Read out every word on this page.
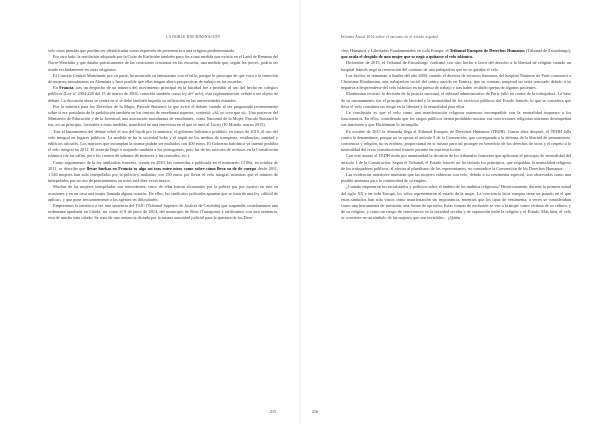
LA DOBLE DISCRIMINACIÓN

velo otras prendas que puedan ser identificadas como expresión de pertenencia a una religión predeterminada.

Por otro lado, la resolución adoptada por la Corte de Karlsruhe también puso fin a una medida que existía en el Land de Renania del Norte-Westfalia y que databa prácticamente de las creaciones cristianas en las escuelas, una medida que, según los jueces, podría ser usada excluidamente en otras religiones.

El Consejo Central Musulmán, por su parte, ha mostrado su entusiasmo con el fallo, porque le preocupa de que vaya a la inserción de mujeres musulmanas en Alemania y hace posible que ellas tengan ahora perspectivas de trabajo en las escuelas.

En Francia, tras un despacho de un número del movimiento principal en la laicidad fue a prohibir el uso del hecho en colegios públicos (Ley nº 2004-228 del 15 de marzo de 2004, conocida también como ley del velo), esta reglamentación velada a ser objeto de debate. La discusión ahora se centra en si se debe también impedir su utilización en las universidades estatales.

Fue la ministra para los Derechos de la Mujer, Pascale Boistard, la que avivó el debate cuando al ser preguntada recientemente sobre si era partidaria de la prohibición también en los centros de enseñanza superior, contestó: «Sí, yo creo que sí». Una portavoz del Ministerio de Educación y de la Juventud, una asociación musulmana de estudiantes, como Nacional de la Mujer, Pascale Boistard le fue, en un principio, favorable a estas medidas, manifestó en una entrevista en el que se unió al Lacity (El Mundo, marzo 2015).

Tras el lanzamiento del debate sobre el uso del hiyab por la ministra, el gobierno balcánico prohibió, en mayo de 2015, el uso del velo integral en lugares públicos. La medida se ha la sociedad boka y el niqab no los medios de transporte, residencias, sanidad y edificios oficiales. Los mayores que incumplan la norma podrán ser multados con 400 euros. El Gobierno balcánico ya intentó prohibir el velo integral en 2012. El acuerdo llegó a aceptarlo también a los portugueses, pero las de los sectores de reclusos en la Constitución islámica (de las calles, pero los centros de urbanos de menores y las centrales, etc.).

Como seguimiento de la ley antiburkas francesa, creada en 2010, las cometidas a publicada en el ministerio Cl 08a, en octubre de 2011, se describe que llevar burkas en Francia es algo así tras entre otros como sobre cómo lleva su de de cuerpo desde 2011, 1.546 mujeres han sido interpeladas por la policía y multadas con 150 euros por llevar el velo integral, mientras que el número de interpelados por no uso de pensamientos en estos está diez veces mayor.

Muchas de las mujeres interpeladas son reincidentes, cinco de ellas fueron alcanzadas por la policía por por motivo en este en ocasiones y en un caso una mujer llamada alguna ocasión. De ellos, los sindicatos policiales apuntan que se trata de una ley «difícil de aplicar» y que pone frecuentemente a los agentes en dificultades.

Empezamos la temática a ver una sentencia del TSJC (Tribunal Superior de Justicia de Cataluña) que suspendía cautelarmente una ordenanza aprobada en Lleida, así como el 8 de junio de 2014, del municipio de Reus (Tarragona) y ratificamos con otra sentencia, esta de mucho más calado. Se trata de una sentencia dictada por la misma autoridad judicial para la apertura de los Dere-

215
Informe Anual 2016 sobre el racismo en el estado español

chos Humanos y Libertades Fundamentales en toda Europa, el Tribunal Europeo de Derechos Humanos (Tribunal de Estrasburgo), que avala el despido de una mujer que se negó a quitarse el velo islámico.

Diciembre de 2015, el Tribunal de Estrasburgo confirmó con otro hecho a favor del derecho a la libertad de religión cuando un hospital francés negó la renovación del contrato de una trabajadora que no se quitaba el velo.

Los hechos se remontan a finales del año 2000, cuando el director de recursos humanos del hospital Nanterre de París comunicó a Christiane Ebrahimian, una trabajadora social del centro nacido en Francia, que su contrato temporal no sería renovado debido a su negativa a desprenderse del velo islámico en su puesto de trabajo y tras haber recibido quejas de algunos pacientes.

Ebrahimian recurrió la decisión de la justicia nacional, el tribunal administrativo de París falló en contra de la trabajadora. La base de su razonamiento fue el principio de laicidad y la neutralidad de los servicios públicos del Estado francés, lo que se considera que lleva el velo constituía un riesgo en la libertad y la neutralidad para ellos.

La conclusión es que el velo como una manifestación religiosa ostentosa incompatible con la neutralidad impuesta a los funcionarios. En ellos, considerado que los cargos públicos tienen prohibido mostrar sus convicciones religiosas mientras desempeñan sus funciones y que Ebrahimian lo incumplía.

En octubre de 2015 la demanda llega al Tribunal Europeo de Derechos Humanos (TEDH). Cuatro años después, el TEDH falla contra la demandante, porque no se opone al artículo 9 de la Convención, que corresponde a la defensa de la libertad de pensamiento, conciencia y religión, no es erróneo, proporcional en sí mismo para así proteger en beneficio de los derechos de otros y el respeto a la neutralidad del texto constitucional francés permite en esta restricción.

Con este asunto el TEDH avala por unanimidad la decisión de los tribunales franceses que aplicaron el principio de neutralidad del artículo 1 de la Constitución. Según el Tribunal, el Estado francés no ha violado los principios, que respaldan la neutralidad religiosa de los trabajadores públicos, al afectar al pluralismo de los representantes, no contradice la Convención de los Derechos Humanos.

Las evidencias anteriores muestran que las mujeres cubiertas con velo, debido a su vestimenta especial, son observadas como una posible amenaza para la continuidad de su empleo.

¿Cuándo empezaron los racializados y políticos sobre el ámbito de los ámbitos religiosos? Históricamente, durante la primera mitad del siglo XX y en toda Europa, los velos representaron el estado de la mujer. La conciencia laica europea tiene un pasado en el que estos símbolos han sido vistos como manifestación sin importancia, mientras que los tipos de vestimenta, a veces se consideraban como una herramienta de sumisión, una forma de opresión. Estas formas de exclusión se ven a la mujer como víctima de su cultura, y de su religión, y como un riesgo de convivencia en la sociedad secular y de separación entre la religión y el Estado. Más bien, el velo se convierte en un símbolo de las mujeres que son invisibles... ¿Quién

216
